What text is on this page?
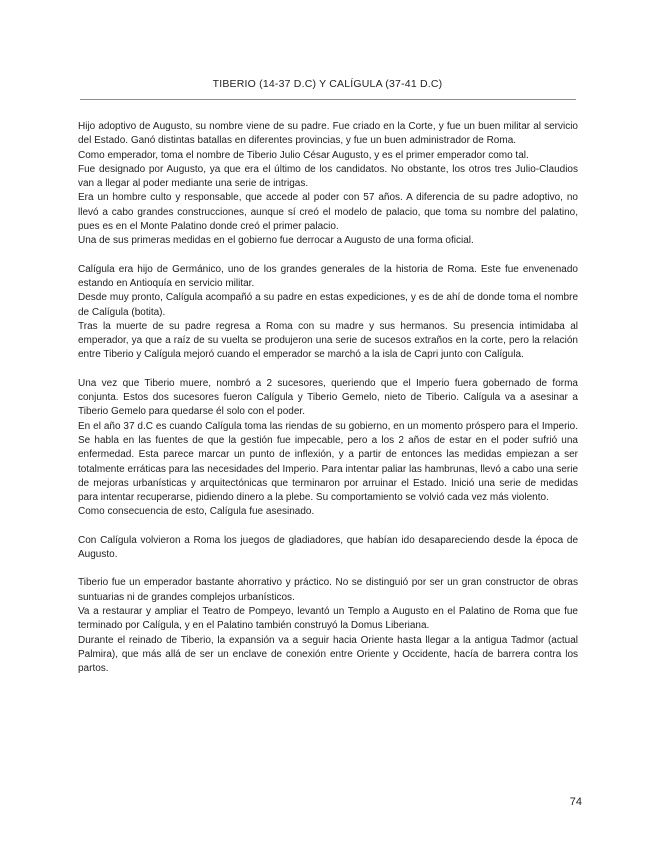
TIBERIO (14-37 D.C) Y CALÍGULA (37-41 D.C)

Hijo adoptivo de Augusto, su nombre viene de su padre. Fue criado en la Corte, y fue un buen militar al servicio del Estado. Ganó distintas batallas en diferentes provincias, y fue un buen administrador de Roma.

Como emperador, toma el nombre de Tiberio Julio César Augusto, y es el primer emperador como tal.

Fue designado por Augusto, ya que era el último de los candidatos. No obstante, los otros tres Julio-Claudios van a llegar al poder mediante una serie de intrigas.

Era un hombre culto y responsable, que accede al poder con 57 años. A diferencia de su padre adoptivo, no llevó a cabo grandes construcciones, aunque sí creó el modelo de palacio, que toma su nombre del palatino, pues es en el Monte Palatino donde creó el primer palacio.

Una de sus primeras medidas en el gobierno fue derrocar a Augusto de una forma oficial.

Calígula era hijo de Germánico, uno de los grandes generales de la historia de Roma. Este fue envenenado estando en Antioquía en servicio militar.

Desde muy pronto, Calígula acompañó a su padre en estas expediciones, y es de ahí de donde toma el nombre de Calígula (botita).

Tras la muerte de su padre regresa a Roma con su madre y sus hermanos. Su presencia intimidaba al emperador, ya que a raíz de su vuelta se produjeron una serie de sucesos extraños en la corte, pero la relación entre Tiberio y Calígula mejoró cuando el emperador se marchó a la isla de Capri junto con Calígula.

Una vez que Tiberio muere, nombró a 2 sucesores, queriendo que el Imperio fuera gobernado de forma conjunta. Estos dos sucesores fueron Calígula y Tiberio Gemelo, nieto de Tiberio. Calígula va a asesinar a Tiberio Gemelo para quedarse él solo con el poder.

En el año 37 d.C es cuando Calígula toma las riendas de su gobierno, en un momento próspero para el Imperio. Se habla en las fuentes de que la gestión fue impecable, pero a los 2 años de estar en el poder sufrió una enfermedad. Esta parece marcar un punto de inflexión, y a partir de entonces las medidas empiezan a ser totalmente erráticas para las necesidades del Imperio. Para intentar paliar las hambrunas, llevó a cabo una serie de mejoras urbanísticas y arquitectónicas que terminaron por arruinar el Estado. Inició una serie de medidas para intentar recuperarse, pidiendo dinero a la plebe. Su comportamiento se volvió cada vez más violento.

Como consecuencia de esto, Calígula fue asesinado.

Con Calígula volvieron a Roma los juegos de gladiadores, que habían ido desapareciendo desde la época de Augusto.

Tiberio fue un emperador bastante ahorrativo y práctico. No se distinguió por ser un gran constructor de obras suntuarias ni de grandes complejos urbanísticos.

Va a restaurar y ampliar el Teatro de Pompeyo, levantó un Templo a Augusto en el Palatino de Roma que fue terminado por Calígula, y en el Palatino también construyó la Domus Liberiana.

Durante el reinado de Tiberio, la expansión va a seguir hacia Oriente hasta llegar a la antigua Tadmor (actual Palmira), que más allá de ser un enclave de conexión entre Oriente y Occidente, hacía de barrera contra los partos.

74
